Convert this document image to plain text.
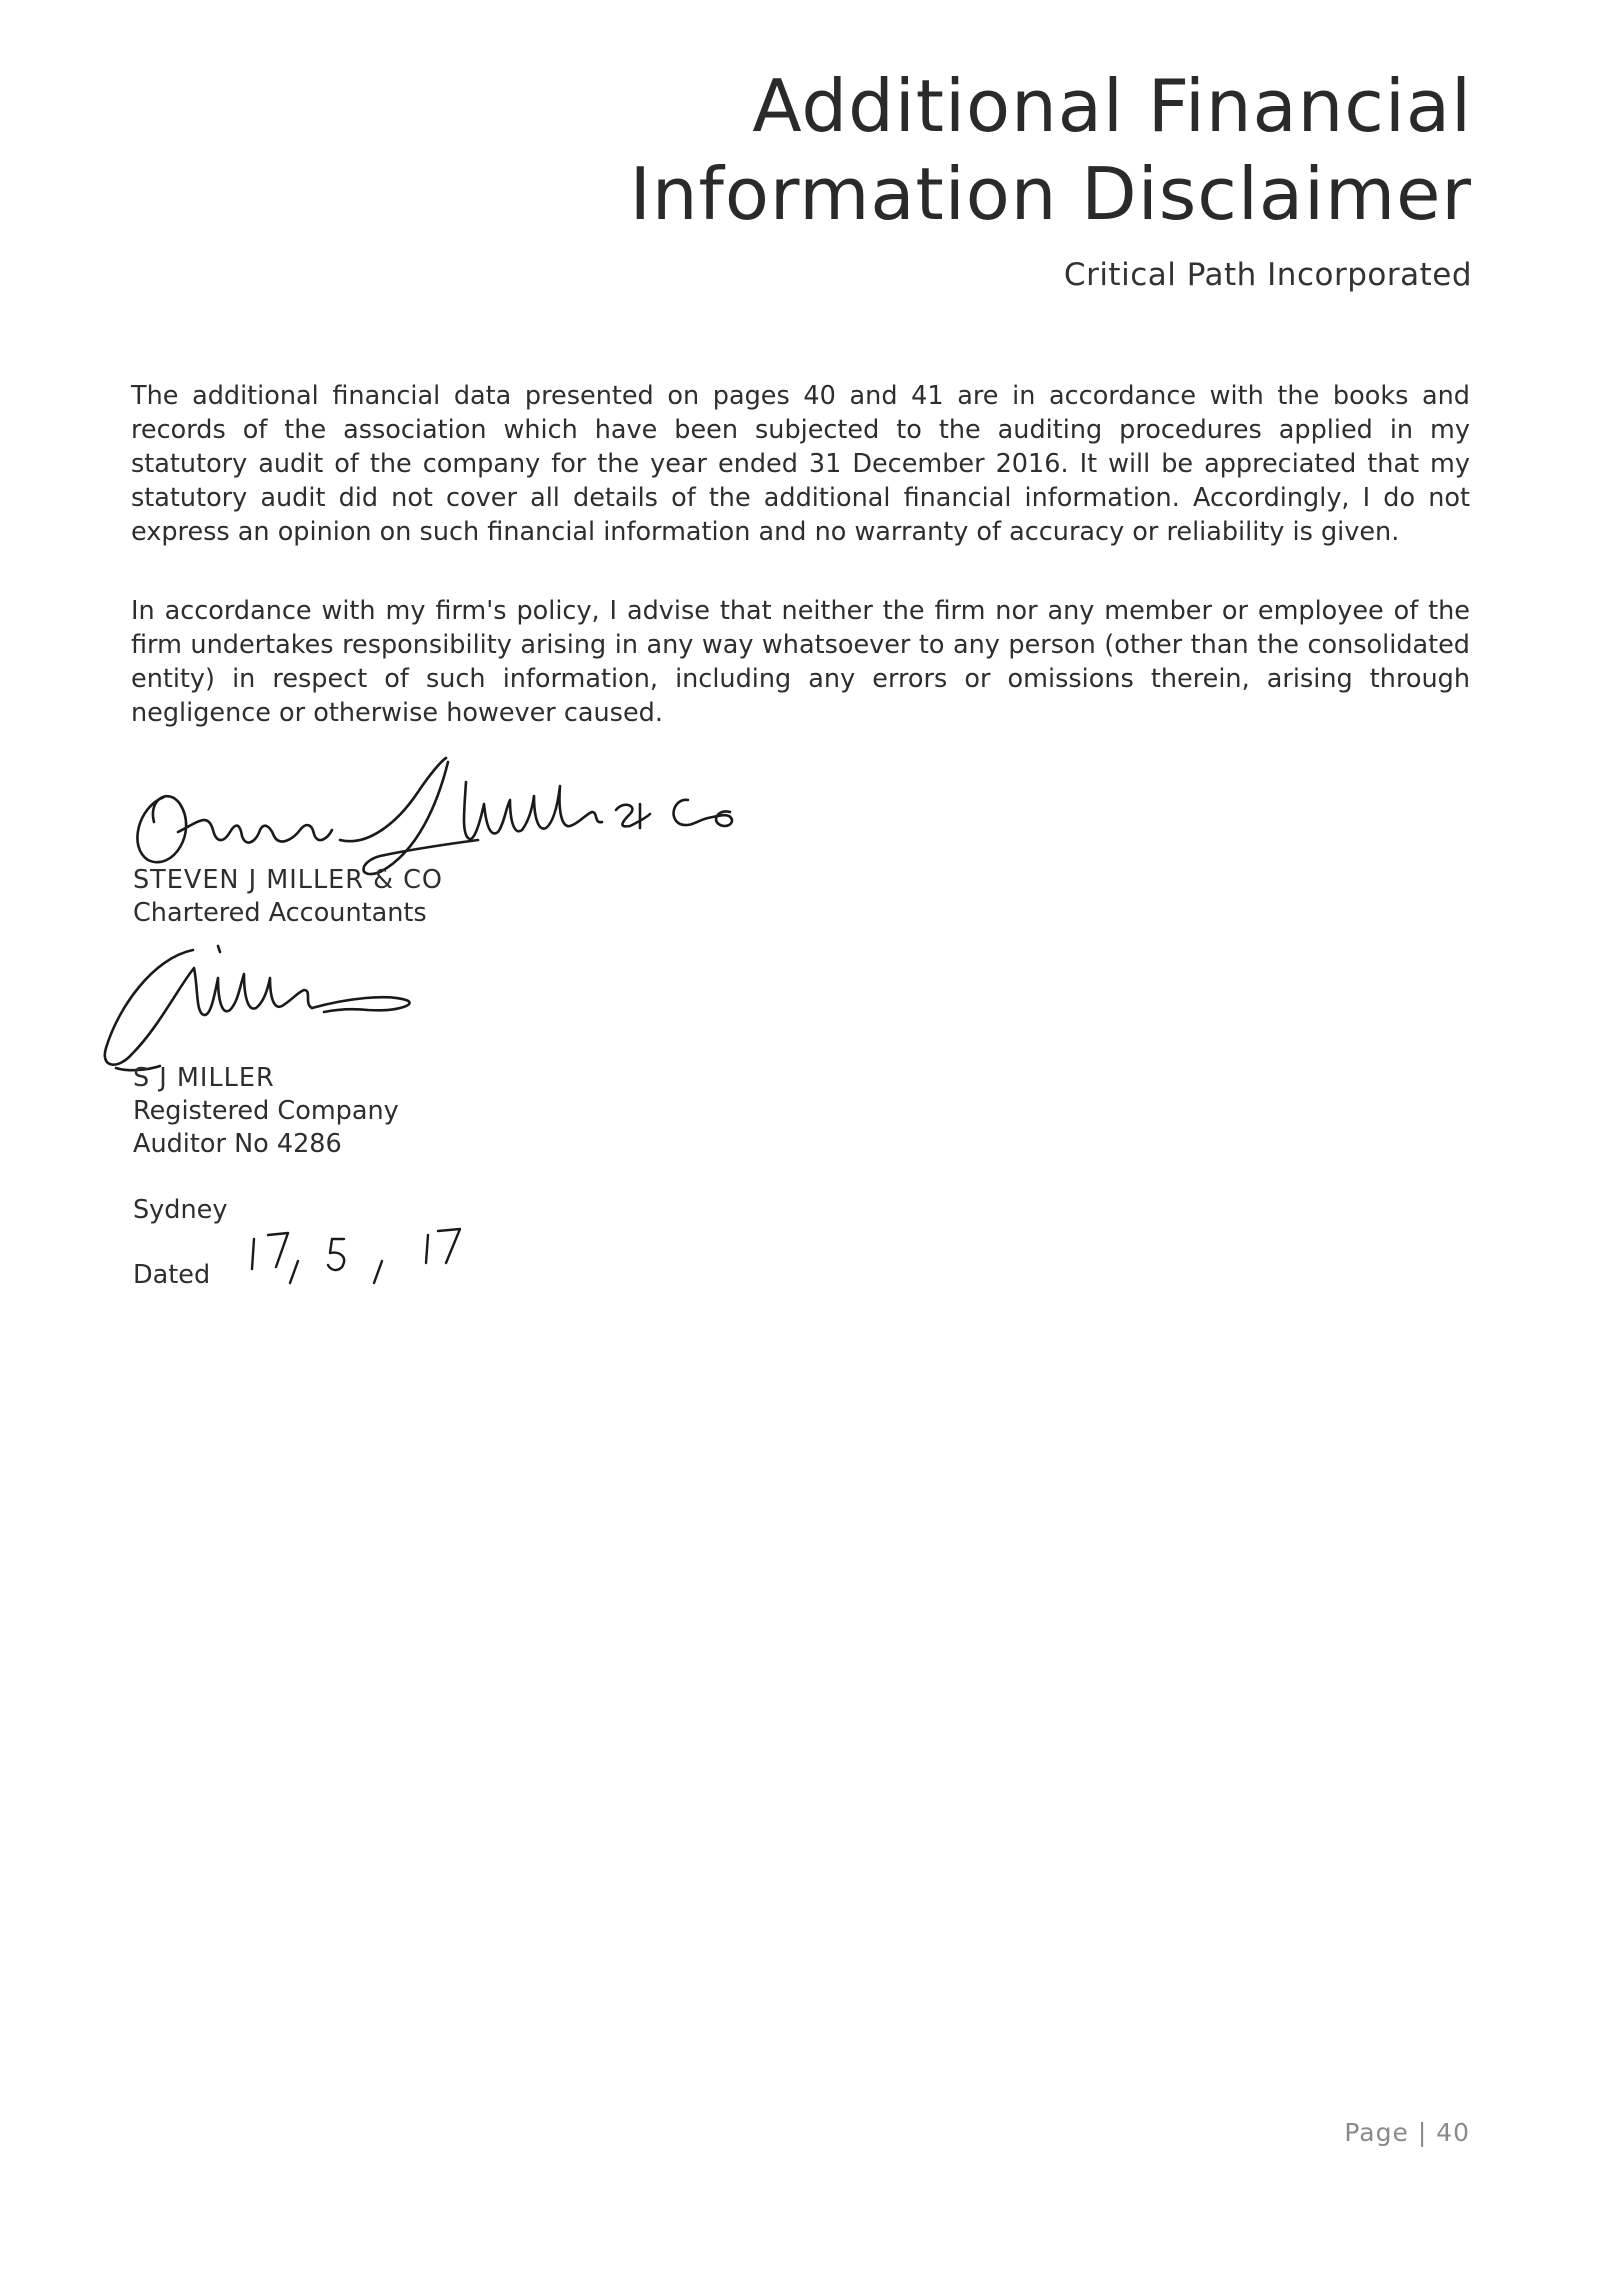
Additional Financial
Information Disclaimer
Critical Path Incorporated

The additional financial data presented on pages 40 and 41 are in accordance with the books and records of the association which have been subjected to the auditing procedures applied in my statutory audit of the company for the year ended 31 December 2016. It will be appreciated that my statutory audit did not cover all details of the additional financial information. Accordingly, I do not express an opinion on such financial information and no warranty of accuracy or reliability is given.

In accordance with my firm's policy, I advise that neither the firm nor any member or employee of the firm undertakes responsibility arising in any way whatsoever to any person (other than the consolidated entity) in respect of such information, including any errors or omissions therein, arising through negligence or otherwise however caused.

STEVEN J MILLER & CO
Chartered Accountants
S J MILLER
Registered Company
Auditor No 4286
Sydney
Dated
Page | 40
